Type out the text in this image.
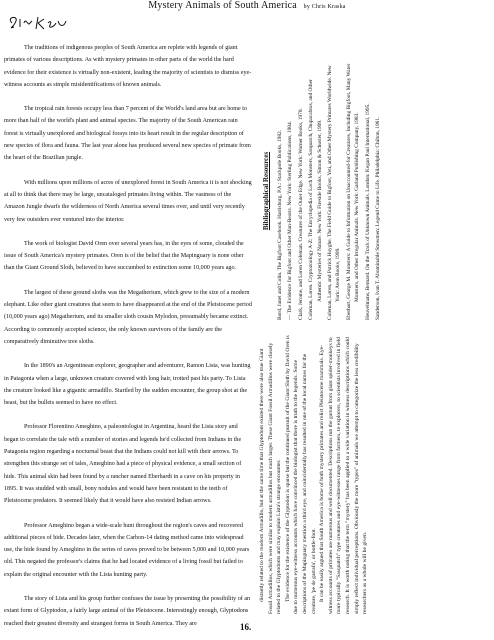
Mystery Animals of South America by Chris Kraska

The traditions of indigenous peoples of South America are replete with legends of giant primates of various descriptions. As with mystery primates in other parts of the world the hard evidence for their existence is virtually non-existent, leading the majority of scientists to dismiss eye-witness accounts as simple misidentifications of known animals.

The tropical rain forests occupy less than 7 percent of the World's land area but are home to more than half of the world's plant and animal species. The majority of the South American rain forest is virtually unexplored and biological forays into its heart result in the regular description of new species of flora and fauna. The last year alone has produced several new species of primate from the heart of the Brazilian jungle.

With millions upon millions of acres of unexplored forest in South America it is not shocking at all to think that there may be large, uncataloged primates living within. The vastness of the Amazon Jungle dwarfs the wilderness of North America several times over, and until very recently very few outsiders ever ventured into the interior.

The work of biologist David Oren over several years has, in the eyes of some, clouded the issue of South America's mystery primates. Oren is of the belief that the Mapinguary is none other than the Giant Ground Sloth, believed to have succumbed to extinction some 10,000 years ago.

The largest of these ground sloths was the Megatherium, which grew to the size of a modern elephant. Like other giant creatures that seem to have disappeared at the end of the Pleistocene period (10,000 years ago) Megatherium, and its smaller sloth cousin Mylodon, presumably became extinct. According to commonly accepted science, the only known survivors of the family are the comparatively diminutive tree sloths.

In the 1890's an Argentinean explorer, geographer and adventurer, Ramon Lista, was hunting in Patagonia when a large, unknown creature covered with long hair, trotted past his party. To Lista the creature looked like a gigantic armadillo. Startled by the sudden encounter, the group shot at the beast, but the bullets seemed to have no effect.

Professor Florentino Ameghino, a paleontologist in Argentina, heard the Lista story and began to correlate the tale with a number of stories and legends he'd collected from Indians in the Patagonia region regarding a nocturnal beast that the Indians could not kill with their arrows. To strengthen this strange set of tales, Ameghino had a piece of physical evidence, a small section of hide. This animal skin had been found by a rancher named Eberhardt in a cave on his property in 1895. It was studded with small, bony nodules and would have been resistant to the teeth of Pleistocene predators. It seemed likely that it would have also resisted Indian arrows.

Professor Ameghino began a wide-scale hunt throughout the region's caves and recovered additional pieces of hide. Decades later, when the Carbon-14 dating method came into widespread use, the hide found by Ameghino in the series of caves proved to be between 5,000 and 10,000 years old. This negated the professor's claims that he had located evidence of a living fossil but failed to explain the original encounter with the Lista hunting party.

The story of Lista and his group further confuses the issue by presenting the possibility of an extant form of Glyptodon, a fairly large animal of the Pleistocene. Interestingly enough, Glyptodons reached their greatest diversity and strangest forms in South America. They are

Bibliographical Resources Bord, Janet and Colin. The Bigfoot Casebook. Harrisburg, P.A.: Stackpole Books, 1982. — The Evidence for Bigfoot and Other Man-Beasts. New York: Sterling Publications, 1984. Clark, Jerome, and Loren Coleman. Creatures of the Outer Edge. New York: Warner Books, 1978. Coleman, Loren. Cryptozoology A-Z: The Encyclopedia of Loch Monsters, Sasquatch, Chupacabras, and Other Authentic Mysteries of Nature. New York: Fireside Books, Simon & Schuster, 1999. Coleman, Loren, and Patrick Huyghe. The Field Guide to Bigfoot, Yeti, and Other Mystery Primates Worldwide. New York: Avon Books, 1999. Eberhart, George M. Monsters: A Guide to Information on Unaccounted-for Creatures, Including Bigfoot, Many Water Monsters, and Other Irregular Animals. New York: Garland Publishing Company, 1983. Heuvelmans, Bernard. On the Track of Unknown Animals. London: Kegan Paul International, 1995. Sanderson, Ivan T. Abominable Snowmen: Legend Come to Life. Philadelphia: Chilton, 1961.
16.

distantly related to the modern Armadillo, but at the same time that Glyptodont existed there were also true Giant Fossil Armadillos, which were similar to modern armadillos but much larger. These Giant Fossil Armadillos were closely related to the Glyptodonts and may explain Lista's strange encounter. The evidence for the existence of the Glyptodon is sparse but the continued pursuit of the Giant Sloth by David Oren is due to numerous eye-witness accounts which have convinced the biologist that there is truth to the legends. Some descriptions of the Mapinguary mention a third eye, and coincidentally has resulted in one of the local names for the creature, 'pe de garrafa', or bottle-foot. It can be easily argued that South America is home of both mystery primates and relict Pleistocene mammals. Eye-witness accounts of primates are numerous and well documented. Descriptions run the gamut from giant spider-monkeys to more typically "Sasquatch" type creatures and eye-witnesses range from farmers, to explorers, to scientists involved in field research. It is worth noting that the term "mystery" has been applied to a wide variation in witness descriptions which could simply reflect individual perceptions. Obviously the more "types" of animals we attempt to categorize the less credibility researchers as a whole will be given.
